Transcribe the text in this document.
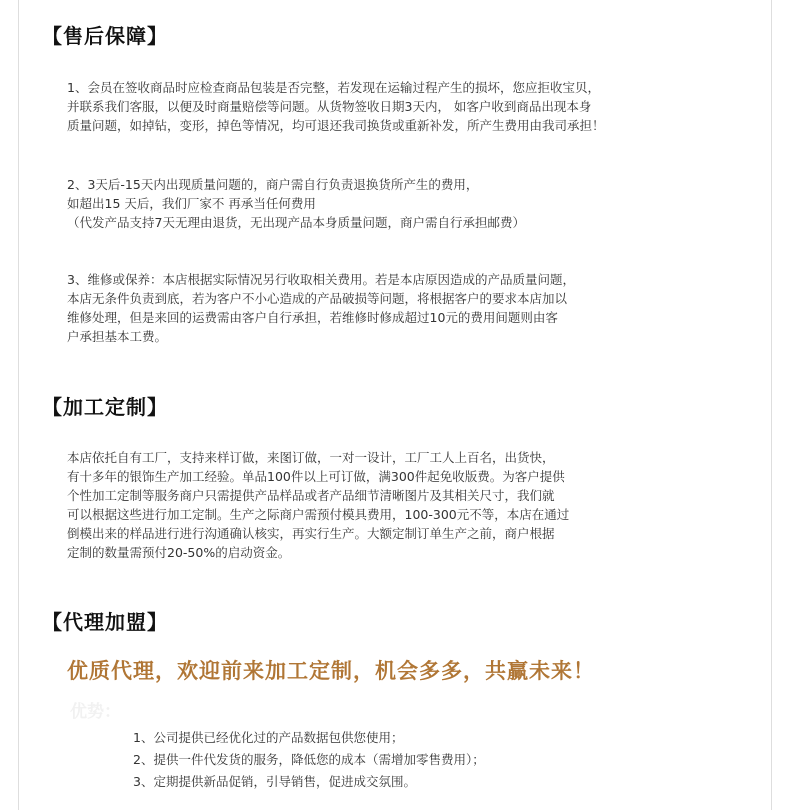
【售后保障】
1、会员在签收商品时应检查商品包装是否完整，若发现在运输过程产生的损坏，您应拒收宝贝，
并联系我们客服，以便及时商量赔偿等问题。从货物签收日期3天内， 如客户收到商品出现本身
质量问题，如掉钻，变形，掉色等情况，均可退还我司换货或重新补发，所产生费用由我司承担！
2、3天后-15天内出现质量问题的，商户需自行负责退换货所产生的费用，
如超出15 天后，我们厂家不 再承当任何费用
（代发产品支持7天无理由退货，无出现产品本身质量问题，商户需自行承担邮费）
3、维修或保养：本店根据实际情况另行收取相关费用。若是本店原因造成的产品质量问题，
本店无条件负责到底，若为客户不小心造成的产品破损等问题，将根据客户的要求本店加以
维修处理，但是来回的运费需由客户自行承担，若维修时修成超过10元的费用间题则由客
户承担基本工费。
【加工定制】
本店依托自有工厂，支持来样订做，来图订做，一对一设计，工厂工人上百名，出货快，
有十多年的银饰生产加工经验。单品100件以上可订做，满300件起免收版费。为客户提供
个性加工定制等服务商户只需提供产品样品或者产品细节清晰图片及其相关尺寸，我们就
可以根据这些进行加工定制。生产之际商户需预付模具费用，100-300元不等，本店在通过
倒模出来的样品进行进行沟通确认核实，再实行生产。大额定制订单生产之前，商户根据
定制的数量需预付20-50%的启动资金。
【代理加盟】
优质代理，欢迎前来加工定制，机会多多，共赢未来！
优势：
1、公司提供已经优化过的产品数据包供您使用；
2、提供一件代发货的服务，降低您的成本（需增加零售费用）；
3、定期提供新品促销，引导销售，促进成交氛围。
